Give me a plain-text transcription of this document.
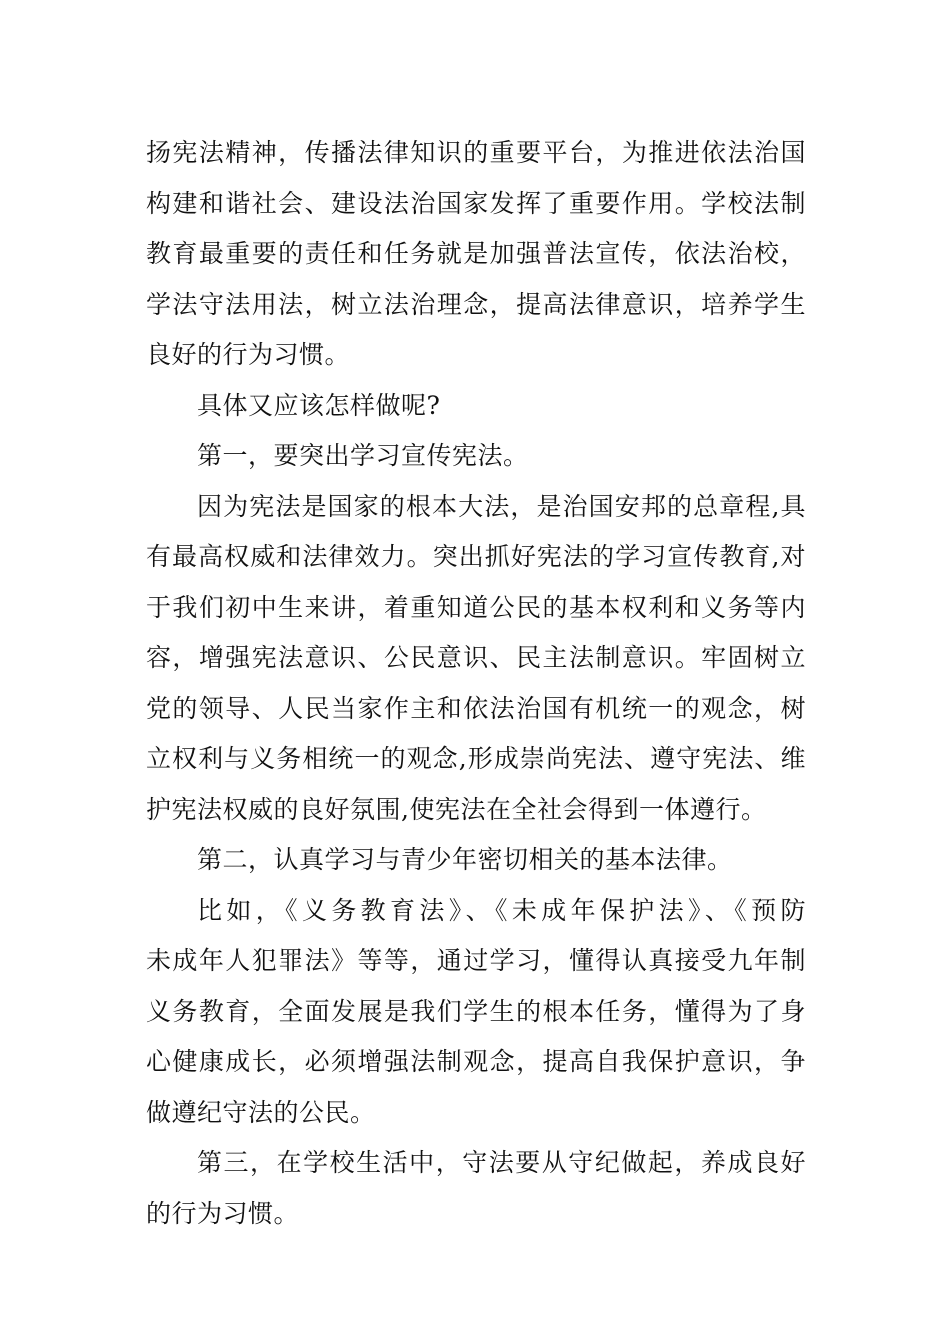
扬宪法精神，传播法律知识的重要平台，为推进依法治国
构建和谐社会、建设法治国家发挥了重要作用。学校法制
教育最重要的责任和任务就是加强普法宣传，依法治校，
学法守法用法，树立法治理念，提高法律意识，培养学生
良好的行为习惯。
具体又应该怎样做呢?
第一，要突出学习宣传宪法。
因为宪法是国家的根本大法，是治国安邦的总章程,具
有最高权威和法律效力。突出抓好宪法的学习宣传教育,对
于我们初中生来讲，着重知道公民的基本权利和义务等内
容，增强宪法意识、公民意识、民主法制意识。牢固树立
党的领导、人民当家作主和依法治国有机统一的观念，树
立权利与义务相统一的观念,形成崇尚宪法、遵守宪法、维
护宪法权威的良好氛围,使宪法在全社会得到一体遵行。
第二，认真学习与青少年密切相关的基本法律。
比如，《义务教育法》、《未成年保护法》、《预防
未成年人犯罪法》等等，通过学习，懂得认真接受九年制
义务教育，全面发展是我们学生的根本任务，懂得为了身
心健康成长，必须增强法制观念，提高自我保护意识，争
做遵纪守法的公民。
第三，在学校生活中，守法要从守纪做起，养成良好
的行为习惯。
